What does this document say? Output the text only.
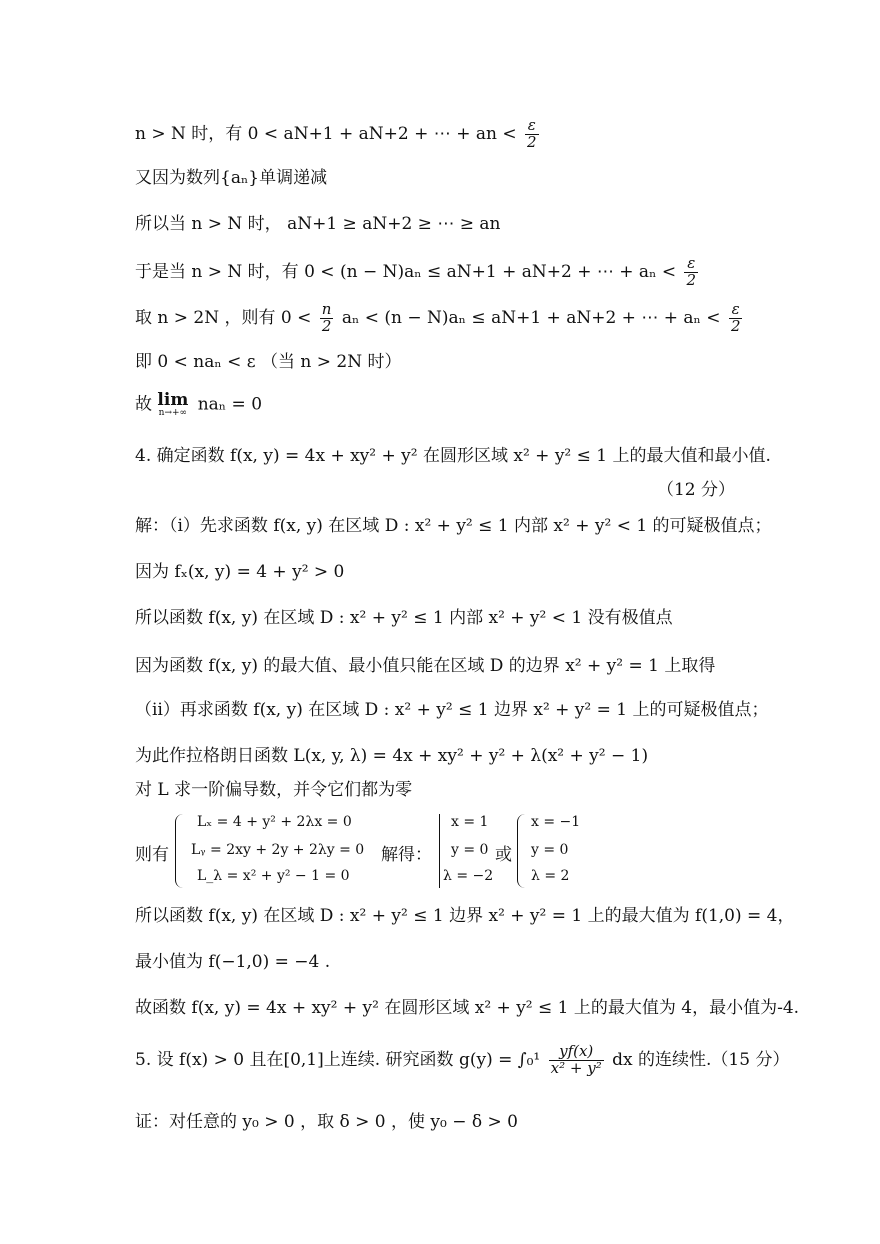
n > N 时，有 0 < aN+1 + aN+2 + ⋯ + an < $\frac{\varepsilon}{2}$
又因为数列{aₙ}单调递减
所以当 n > N 时， aN+1 ≥ aN+2 ≥ ⋯ ≥ an
于是当 n > N 时，有 0 < (n − N)aₙ ≤ aN+1 + aN+2 + ⋯ + $a_n < \frac{\varepsilon}{2}$
取 n > 2N ，则有 $0 < \frac{n}{2}$ aₙ < (n − N)aₙ ≤ aN+1 + aN+2 + ⋯ + $a_n < \frac{\varepsilon}{2}$
即 0 < naₙ < ε （当 n > 2N 时）
故 lim
n→+∞ naₙ = 0
4. 确定函数 f(x, y) = 4x + xy² + y² 在圆形区域 x² + y² ≤ 1 上的最大值和最小值.
（12 分）
解：（ⅰ）先求函数 f(x, y) 在区域 D : x² + y² ≤ 1 内部 x² + y² < 1 的可疑极值点；
因为 fₓ(x, y) = 4 + y² > 0
所以函数 f(x, y) 在区域 D : x² + y² ≤ 1 内部 x² + y² < 1 没有极值点
因为函数 f(x, y) 的最大值、最小值只能在区域 D 的边界 x² + y² = 1 上取得
（ⅱ）再求函数 f(x, y) 在区域 D : x² + y² ≤ 1 边界 x² + y² = 1 上的可疑极值点；
为此作拉格朗日函数 L(x, y, λ) = 4x + xy² + y² + λ(x² + y² − 1)
对 L 求一阶偏导数，并令它们都为零
则有
Lₓ = 4 + y² + 2λx = 0
Lᵧ = 2xy + 2y + 2λy = 0
L_λ = x² + y² − 1 = 0
解得：
x = 1
y = 0
λ = −2
或
x = −1
y = 0
λ = 2
所以函数 f(x, y) 在区域 D : x² + y² ≤ 1 边界 x² + y² = 1 上的最大值为 f(1,0) = 4，
最小值为 f(−1,0) = −4 .
故函数 f(x, y) = 4x + xy² + y² 在圆形区域 x² + y² ≤ 1 上的最大值为 4，最小值为-4.
5. 设 f(x) > 0 且在[0,1]上连续. 研究函数 $g(y) = \int_0^1 \frac{yf(x)}{\text{x² + y²}}$ dx 的连续性.（15 分）
证：对任意的 y₀ > 0 ，取 δ > 0 ，使 y₀ − δ > 0
